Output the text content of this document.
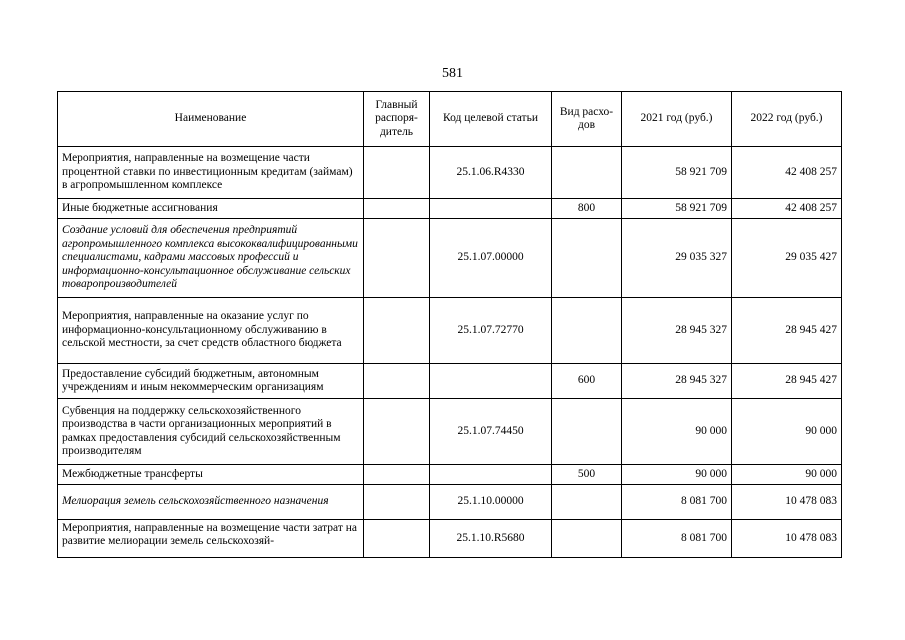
581
Наименование	Главный распоря-дитель	Код целевой статьи	Вид расхо-дов	2021 год (руб.)	2022 год (руб.)
Мероприятия, направленные на возмещение части процентной ставки по инвестиционным кредитам (займам) в агропромышленном комплексе		25.1.06.R4330		58 921 709	42 408 257
Иные бюджетные ассигнования			800	58 921 709	42 408 257
Создание условий для обеспечения предприятий агропромышленного комплекса высококвалифицированными специалистами, кадрами массовых профессий и информационно-консультационное обслуживание сельских товаропроизводителей		25.1.07.00000		29 035 327	29 035 427
Мероприятия, направленные на оказание услуг по информационно-консультационному обслуживанию в сельской местности, за счет средств областного бюджета		25.1.07.72770		28 945 327	28 945 427
Предоставление субсидий бюджетным, автономным учреждениям и иным некоммерческим организациям			600	28 945 327	28 945 427
Субвенция на поддержку сельскохозяйственного производства в части организационных мероприятий в рамках предоставления субсидий сельскохозяйственным производителям		25.1.07.74450		90 000	90 000
Межбюджетные трансферты			500	90 000	90 000
Мелиорация земель сельскохозяйственного назначения		25.1.10.00000		8 081 700	10 478 083
Мероприятия, направленные на возмещение части затрат на развитие мелиорации земель сельскохозяй-		25.1.10.R5680		8 081 700	10 478 083
